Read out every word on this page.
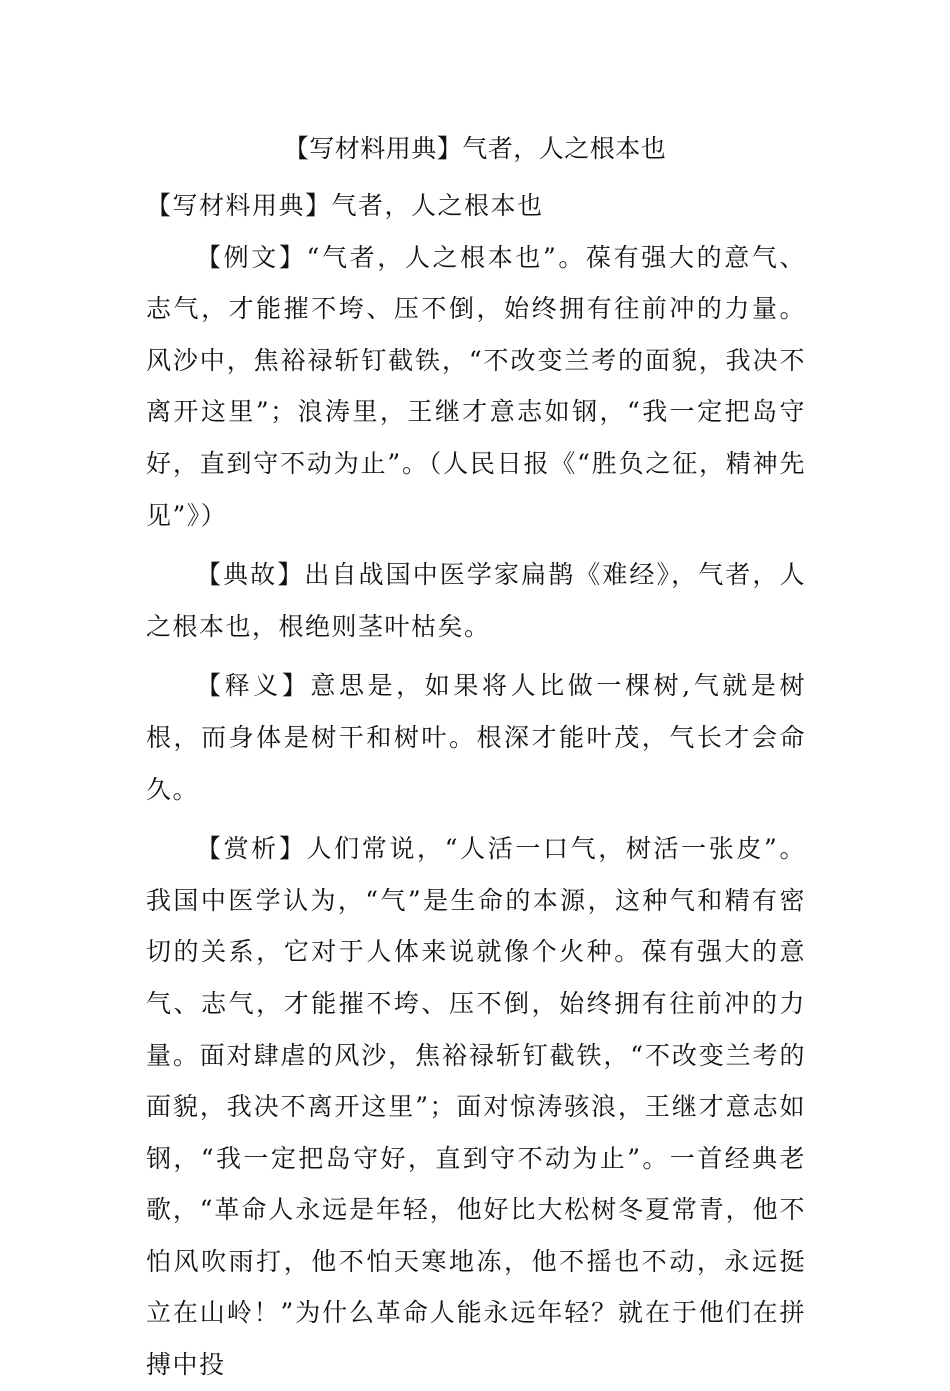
【写材料用典】气者，人之根本也

【写材料用典】气者，人之根本也

【例文】“气者，人之根本也”。葆有强大的意气、志气，才能摧不垮、压不倒，始终拥有往前冲的力量。风沙中，焦裕禄斩钉截铁，“不改变兰考的面貌，我决不离开这里”；浪涛里，王继才意志如钢，“我一定把岛守好，直到守不动为止”。（人民日报《“胜负之征，精神先见”》）

【典故】出自战国中医学家扁鹊《难经》，气者，人之根本也，根绝则茎叶枯矣。

【释义】意思是，如果将人比做一棵树,气就是树根，而身体是树干和树叶。根深才能叶茂，气长才会命久。

【赏析】人们常说，“人活一口气，树活一张皮”。我国中医学认为，“气”是生命的本源，这种气和精有密切的关系，它对于人体来说就像个火种。葆有强大的意气、志气，才能摧不垮、压不倒，始终拥有往前冲的力量。面对肆虐的风沙，焦裕禄斩钉截铁，“不改变兰考的面貌，我决不离开这里”；面对惊涛骇浪，王继才意志如钢，“我一定把岛守好，直到守不动为止”。一首经典老歌，“革命人永远是年轻，他好比大松树冬夏常青，他不怕风吹雨打，他不怕天寒地冻，他不摇也不动，永远挺立在山岭！”为什么革命人能永远年轻？就在于他们在拼搏中投
